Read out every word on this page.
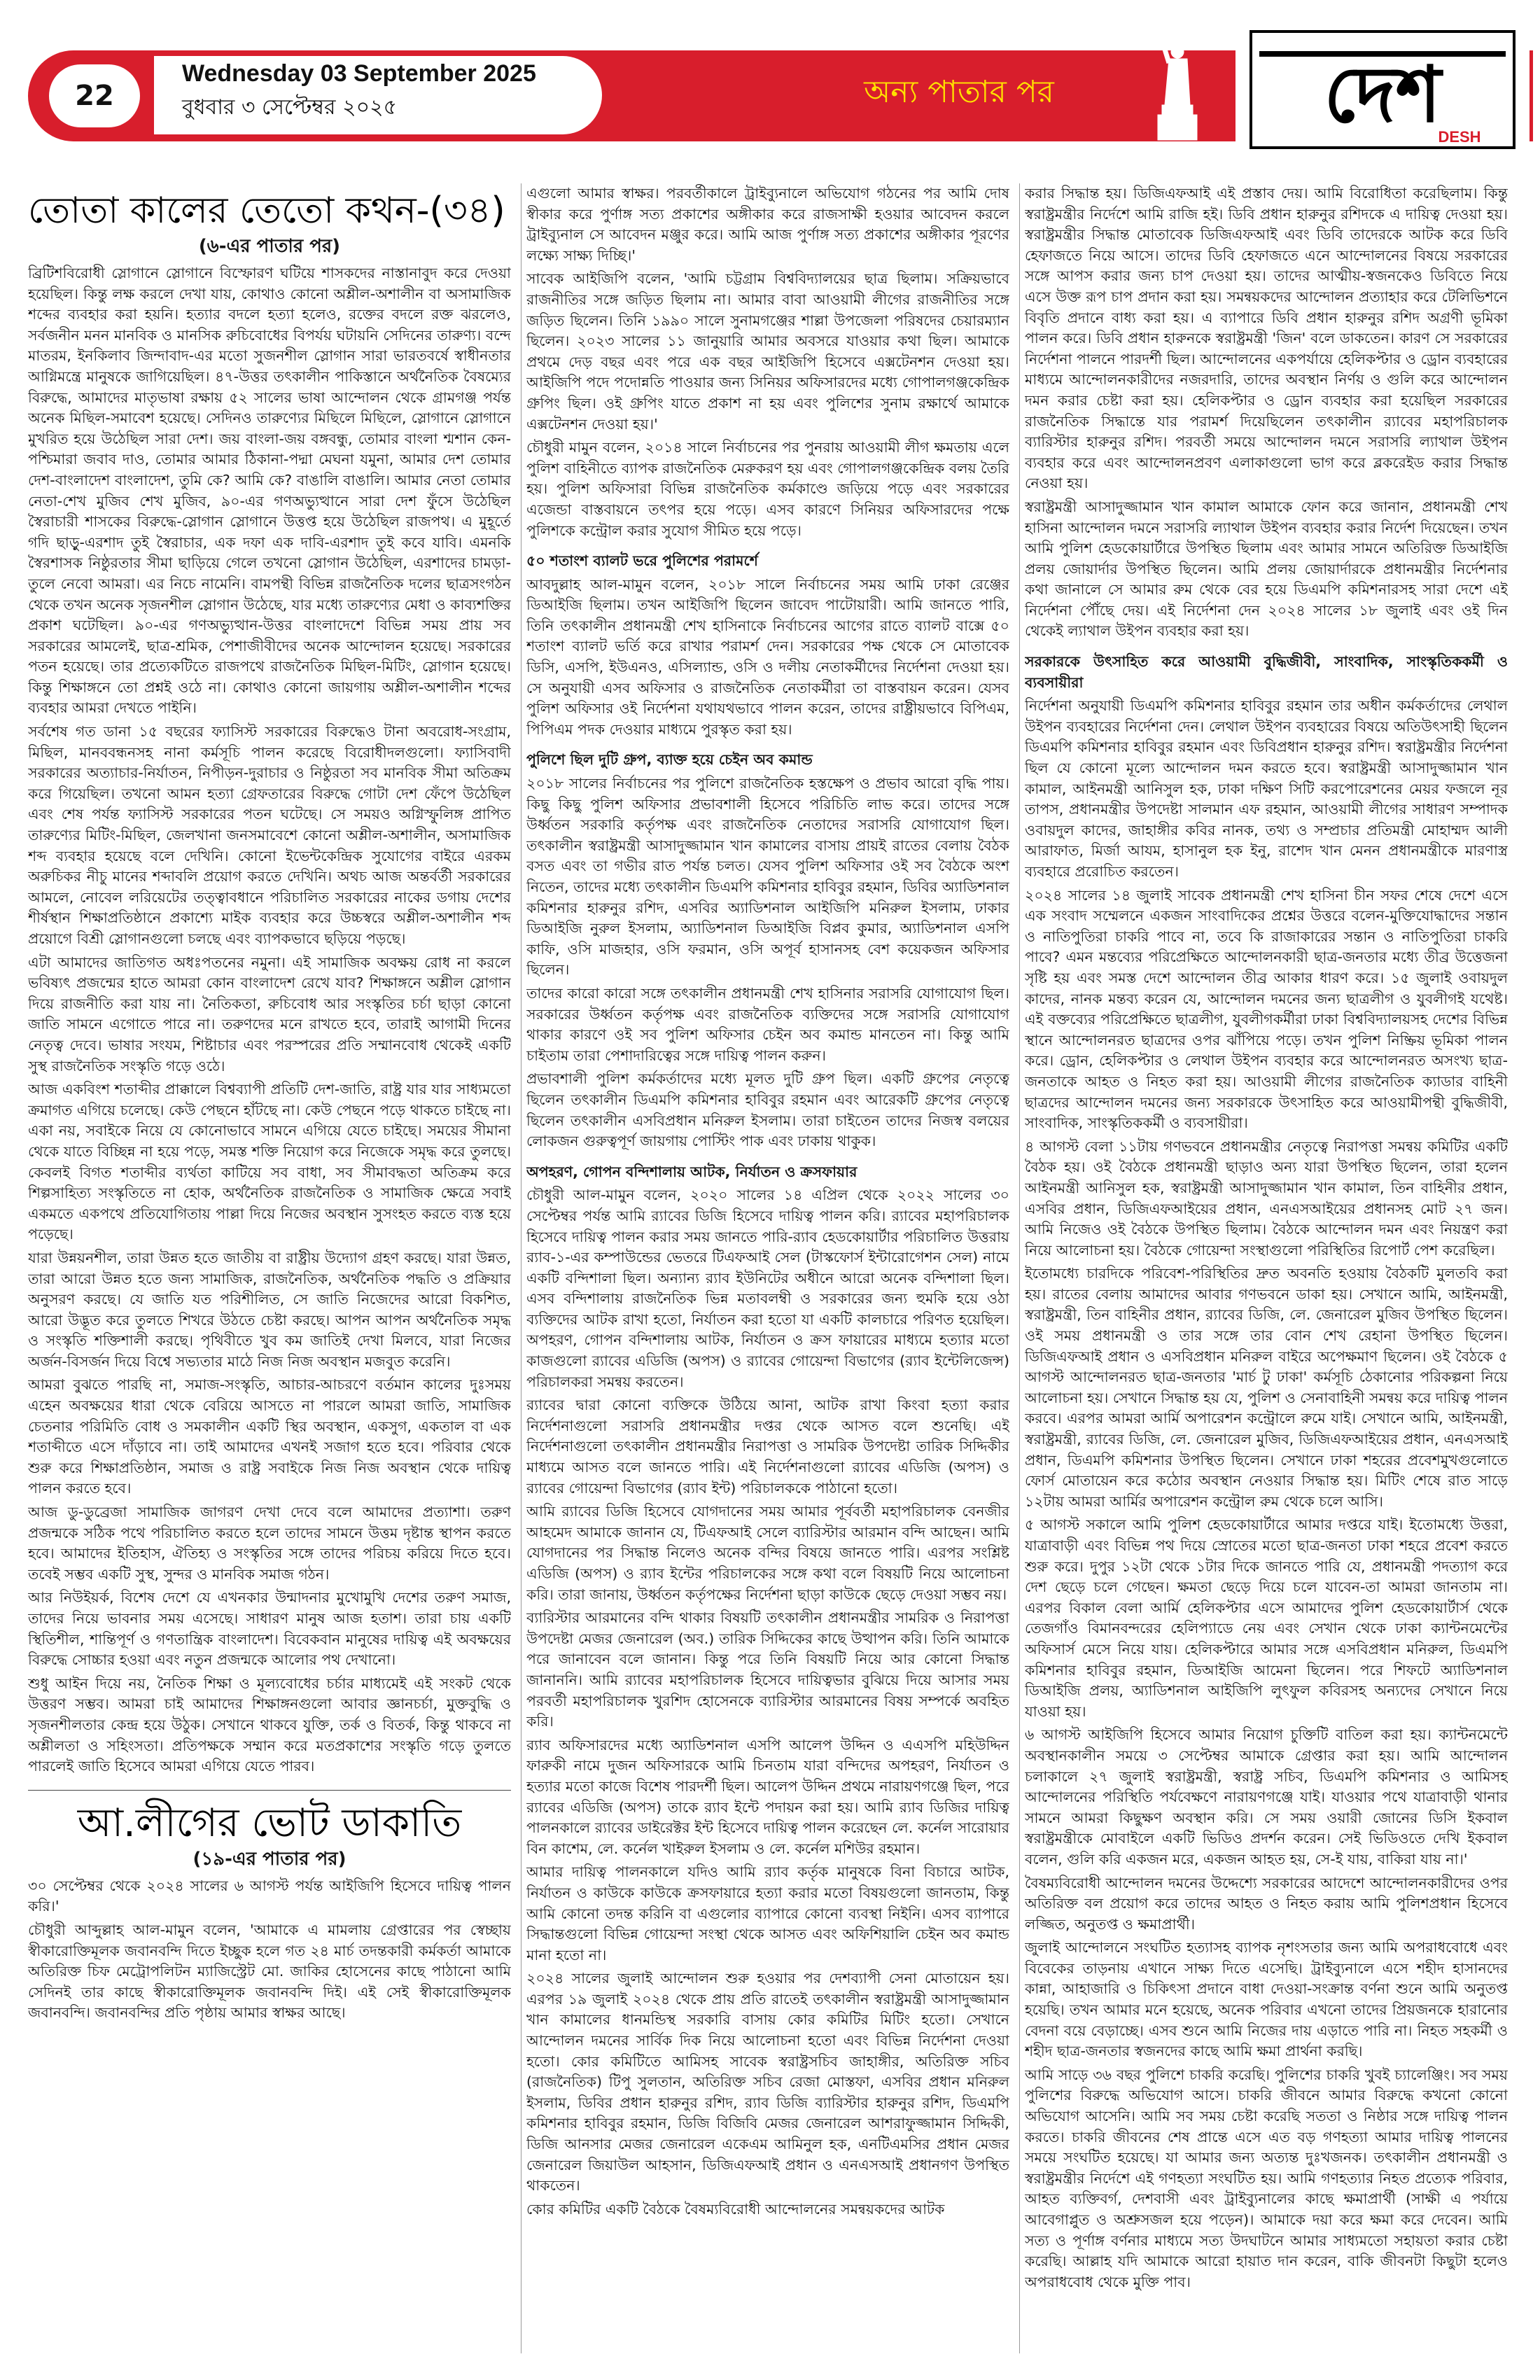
22
Wednesday 03 September 2025
বুধবার ৩ সেপ্টেম্বর ২০২৫	অন্য পাতার পর	দেশ
DESH
তোতা কালের তেতো কথন-(৩৪)
(৬-এর পাতার পর)

ব্রিটিশবিরোধী স্লোগানে স্লোগানে বিস্ফোরণ ঘটিয়ে শাসকদের নাস্তানাবুদ করে দেওয়া হয়েছিল। কিন্তু লক্ষ করলে দেখা যায়, কোথাও কোনো অশ্লীল-অশালীন বা অসামাজিক শব্দের ব্যবহার করা হয়নি। হত্যার বদলে হত্যা হলেও, রক্তের বদলে রক্ত ঝরলেও, সর্বজনীন মনন মানবিক ও মানসিক রুচিবোধের বিপর্যয় ঘটায়নি সেদিনের তারুণ্য। বন্দে মাতরম, ইনকিলাব জিন্দাবাদ-এর মতো সুজনশীল স্লোগান সারা ভারতবর্ষে স্বাধীনতার আগ্নিমন্ত্রে মানুষকে জাগিয়েছিল। ৪৭-উত্তর তৎকালীন পাকিস্তানে অর্থনৈতিক বৈষম্যের বিরুদ্ধে, আমাদের মাতৃভাষা রক্ষায় ৫২ সালের ভাষা আন্দোলন থেকে গ্রামগঞ্জ পর্যন্ত অনেক মিছিল-সমাবেশ হয়েছে। সেদিনও তারুণ্যের মিছিলে মিছিলে, স্লোগানে স্লোগানে মুখরিত হয়ে উঠেছিল সারা দেশ। জয় বাংলা-জয় বঙ্গবন্ধু, তোমার বাংলা শ্মশান কেন-পশ্চিমারা জবাব দাও, তোমার আমার ঠিকানা-পদ্মা মেঘনা যমুনা, আমার দেশ তোমার দেশ-বাংলাদেশ বাংলাদেশ, তুমি কে? আমি কে? বাঙালি বাঙালি। আমার নেতা তোমার নেতা-শেখ মুজিব শেখ মুজিব, ৯০-এর গণঅভ্যুত্থানে সারা দেশ ফুঁসে উঠেছিল স্বৈরাচারী শাসকের বিরুদ্ধে-স্লোগান স্লোগানে উত্তপ্ত হয়ে উঠেছিল রাজপথ। এ মুহূর্তে গদি ছাড়ু-এরশাদ তুই স্বৈরাচার, এক দফা এক দাবি-এরশাদ তুই কবে যাবি। এমনকি স্বৈরশাসক নিষ্ঠুরতার সীমা ছাড়িয়ে গেলে তখনো স্লোগান উঠেছিল, এরশাদের চামড়া-তুলে নেবো আমরা। এর নিচে নামেনি। বামপন্থী বিভিন্ন রাজনৈতিক দলের ছাত্রসংগঠন থেকে তখন অনেক সৃজনশীল স্লোগান উঠেছে, যার মধ্যে তারুণ্যের মেধা ও কাব্যশক্তির প্রকাশ ঘটেছিল। ৯০-এর গণঅভ্যুত্থান-উত্তর বাংলাদেশে বিভিন্ন সময় প্রায় সব সরকারের আমলেই, ছাত্র-শ্রমিক, পেশাজীবীদের অনেক আন্দোলন হয়েছে। সরকারের পতন হয়েছে। তার প্রত্যেকটিতে রাজপথে রাজনৈতিক মিছিল-মিটিং, স্লোগান হয়েছে। কিন্তু শিক্ষাঙ্গনে তো প্রশ্নই ওঠে না। কোথাও কোনো জায়গায় অশ্লীল-অশালীন শব্দের ব্যবহার আমরা দেখতে পাইনি।

সর্বশেষ গত ডানা ১৫ বছরের ফ্যাসিস্ট সরকারের বিরুদ্ধেও টানা অবরোধ-সংগ্রাম, মিছিল, মানববন্ধনসহ নানা কর্মসূচি পালন করেছে বিরোধীদলগুলো। ফ্যাসিবাদী সরকারের অত্যাচার-নির্যাতন, নিপীড়ন-দুরাচার ও নিষ্ঠুরতা সব মানবিক সীমা অতিক্রম করে গিয়েছিল। তখনো আমন হত্যা গ্রেফতারের বিরুদ্ধে গোটা দেশ ফেঁপে উঠেছিল এবং শেষ পর্যন্ত ফ্যাসিস্ট সরকারের পতন ঘটেছে। সে সময়ও অগ্নিস্ফুলিঙ্গ প্রাপিত তারুণ্যের মিটিং-মিছিল, জেলখানা জনসমাবেশে কোনো অশ্লীল-অশালীন, অসামাজিক শব্দ ব্যবহার হয়েছে বলে দেখিনি। কোনো ইভেন্টকেন্দ্রিক সুযোগের বাইরে এরকম অরুচিকর নীচু মানের শব্দাবলি প্রয়োগ করতে দেখিনি। অথচ আজ অন্তর্বর্তী সরকারের আমলে, নোবেল লরিয়েটের তত্ত্বাবধানে পরিচালিত সরকারের নাকের ডগায় দেশের শীর্ষস্থান শিক্ষাপ্রতিষ্ঠানে প্রকাশ্যে মাইক ব্যবহার করে উচ্চস্বরে অশ্লীল-অশালীন শব্দ প্রয়োগে বিশ্রী স্লোগানগুলো চলছে এবং ব্যাপকভাবে ছড়িয়ে পড়ছে।

এটা আমাদের জাতিগত অধঃপতনের নমুনা। এই সামাজিক অবক্ষয় রোধ না করলে ভবিষ্যৎ প্রজন্মের হাতে আমরা কোন বাংলাদেশ রেখে যাব? শিক্ষাঙ্গনে অশ্লীল স্লোগান দিয়ে রাজনীতি করা যায় না। নৈতিকতা, রুচিবোধ আর সংস্কৃতির চর্চা ছাড়া কোনো জাতি সামনে এগোতে পারে না। তরুণদের মনে রাখতে হবে, তারাই আগামী দিনের নেতৃত্ব দেবে। ভাষার সংযম, শিষ্টাচার এবং পরস্পরের প্রতি সম্মানবোধ থেকেই একটি সুস্থ রাজনৈতিক সংস্কৃতি গড়ে ওঠে।

আজ একবিংশ শতাব্দীর প্রাক্কালে বিশ্বব্যাপী প্রতিটি দেশ-জাতি, রাষ্ট্র যার যার সাধ্যমতো ক্রমাগত এগিয়ে চলেছে। কেউ পেছনে হাঁটছে না। কেউ পেছনে পড়ে থাকতে চাইছে না। একা নয়, সবাইকে নিয়ে যে কোনোভাবে সামনে এগিয়ে যেতে চাইছে। সময়ের সীমানা থেকে যাতে বিচ্ছিন্ন না হয়ে পড়ে, সমস্ত শক্তি নিয়োগ করে নিজেকে সমৃদ্ধ করে তুলছে। কেবলই বিগত শতাব্দীর ব্যর্থতা কাটিয়ে সব বাধা, সব সীমাবদ্ধতা অতিক্রম করে শিল্পসাহিত্য সংস্কৃতিতে না হোক, অর্থনৈতিক রাজনৈতিক ও সামাজিক ক্ষেত্রে সবাই একমতে একপথে প্রতিযোগিতায় পাল্লা দিয়ে নিজের অবস্থান সুসংহত করতে ব্যস্ত হয়ে পড়েছে।

যারা উন্নয়নশীল, তারা উন্নত হতে জাতীয় বা রাষ্ট্রীয় উদ্যোগ গ্রহণ করছে। যারা উন্নত, তারা আরো উন্নত হতে জন্য সামাজিক, রাজনৈতিক, অর্থনৈতিক পদ্ধতি ও প্রক্রিয়ার অনুসরণ করছে। যে জাতি যত পরিশীলিত, সে জাতি নিজেদের আরো বিকশিত, আরো উদ্ভূত করে তুলতে শিখরে উঠতে চেষ্টা করছে। আপন আপন অর্থনৈতিক সমৃদ্ধ ও সংস্কৃতি শক্তিশালী করছে। পৃথিবীতে খুব কম জাতিই দেখা মিলবে, যারা নিজের অর্জন-বিসর্জন দিয়ে বিশ্বে সভ্যতার মাঠে নিজ নিজ অবস্থান মজবুত করেনি।

আমরা বুঝতে পারছি না, সমাজ-সংস্কৃতি, আচার-আচরণে বর্তমান কালের দুঃসময় এহেন অবক্ষয়ের ধারা থেকে বেরিয়ে আসতে না পারলে আমরা জাতি, সামাজিক চেতনার পরিমিতি বোধ ও সমকালীন একটি স্থির অবস্থান, একসুগ, একতাল বা এক শতাব্দীতে এসে দাঁড়াবে না। তাই আমাদের এখনই সজাগ হতে হবে। পরিবার থেকে শুরু করে শিক্ষাপ্রতিষ্ঠান, সমাজ ও রাষ্ট্র সবাইকে নিজ নিজ অবস্থান থেকে দায়িত্ব পালন করতে হবে।

আজ ডু-ডুব্রেজা সামাজিক জাগরণ দেখা দেবে বলে আমাদের প্রত্যাশা। তরুণ প্রজন্মকে সঠিক পথে পরিচালিত করতে হলে তাদের সামনে উত্তম দৃষ্টান্ত স্থাপন করতে হবে। আমাদের ইতিহাস, ঐতিহ্য ও সংস্কৃতির সঙ্গে তাদের পরিচয় করিয়ে দিতে হবে। তবেই সম্ভব একটি সুস্থ, সুন্দর ও মানবিক সমাজ গঠন।

আর নিউইয়র্ক, বিশেষ দেশে যে এখনকার উন্মাদনার মুখোমুখি দেশের তরুণ সমাজ, তাদের নিয়ে ভাবনার সময় এসেছে। সাধারণ মানুষ আজ হতাশ। তারা চায় একটি স্থিতিশীল, শান্তিপূর্ণ ও গণতান্ত্রিক বাংলাদেশ। বিবেকবান মানুষের দায়িত্ব এই অবক্ষয়ের বিরুদ্ধে সোচ্চার হওয়া এবং নতুন প্রজন্মকে আলোর পথ দেখানো।

শুধু আইন দিয়ে নয়, নৈতিক শিক্ষা ও মূল্যবোধের চর্চার মাধ্যমেই এই সংকট থেকে উত্তরণ সম্ভব। আমরা চাই আমাদের শিক্ষাঙ্গনগুলো আবার জ্ঞানচর্চা, মুক্তবুদ্ধি ও সৃজনশীলতার কেন্দ্র হয়ে উঠুক। সেখানে থাকবে যুক্তি, তর্ক ও বিতর্ক, কিন্তু থাকবে না অশ্লীলতা ও সহিংসতা। প্রতিপক্ষকে সম্মান করে মতপ্রকাশের সংস্কৃতি গড়ে তুলতে পারলেই জাতি হিসেবে আমরা এগিয়ে যেতে পারব।

আ.লীগের ভোট ডাকাতি
(১৯-এর পাতার পর)

৩০ সেপ্টেম্বর থেকে ২০২৪ সালের ৬ আগস্ট পর্যন্ত আইজিপি হিসেবে দায়িত্ব পালন করি।'

চৌধুরী আব্দুল্লাহ আল-মামুন বলেন, 'আমাকে এ মামলায় গ্রেপ্তারের পর স্বেচ্ছায় স্বীকারোক্তিমূলক জবানবন্দি দিতে ইচ্ছুক হলে গত ২৪ মার্চ তদন্তকারী কর্মকর্তা আমাকে অতিরিক্ত চিফ মেট্রোপলিটন ম্যাজিস্ট্রেট মো. জাকির হোসেনের কাছে পাঠানো আমি সেদিনই তার কাছে স্বীকারোক্তিমূলক জবানবন্দি দিই। এই সেই স্বীকারোক্তিমূলক জবানবন্দি। জবানবন্দির প্রতি পৃষ্ঠায় আমার স্বাক্ষর আছে।

এগুলো আমার স্বাক্ষর। পরবর্তীকালে ট্রাইব্যুনালে অভিযোগ গঠনের পর আমি দোষ স্বীকার করে পুর্ণাঙ্গ সত্য প্রকাশের অঙ্গীকার করে রাজসাক্ষী হওয়ার আবেদন করলে ট্রাইব্যুনাল সে আবেদন মঞ্জুর করে। আমি আজ পুর্ণাঙ্গ সত্য প্রকাশের অঙ্গীকার পূরণের লক্ষ্যে সাক্ষ্য দিচ্ছি।'

সাবেক আইজিপি বলেন, 'আমি চট্টগ্রাম বিশ্ববিদ্যালয়ের ছাত্র ছিলাম। সক্রিয়ভাবে রাজনীতির সঙ্গে জড়িত ছিলাম না। আমার বাবা আওয়ামী লীগের রাজনীতির সঙ্গে জড়িত ছিলেন। তিনি ১৯৯০ সালে সুনামগঞ্জের শাল্লা উপজেলা পরিষদের চেয়ারম্যান ছিলেন। ২০২৩ সালের ১১ জানুয়ারি আমার অবসরে যাওয়ার কথা ছিল। আমাকে প্রথমে দেড় বছর এবং পরে এক বছর আইজিপি হিসেবে এক্সটেনশন দেওয়া হয়। আইজিপি পদে পদোন্নতি পাওয়ার জন্য সিনিয়র অফিসারদের মধ্যে গোপালগঞ্জকেন্দ্রিক গ্রুপিং ছিল। ওই গ্রুপিং যাতে প্রকাশ না হয় এবং পুলিশের সুনাম রক্ষার্থে আমাকে এক্সটেনশন দেওয়া হয়।'

চৌধুরী মামুন বলেন, ২০১৪ সালে নির্বাচনের পর পুনরায় আওয়ামী লীগ ক্ষমতায় এলে পুলিশ বাহিনীতে ব্যাপক রাজনৈতিক মেরুকরণ হয় এবং গোপালগঞ্জকেন্দ্রিক বলয় তৈরি হয়। পুলিশ অফিসারা বিভিন্ন রাজনৈতিক কর্মকাণ্ডে জড়িয়ে পড়ে এবং সরকারের এজেন্ডা বাস্তবায়নে তৎপর হয়ে পড়ে। এসব কারণে সিনিয়র অফিসারদের পক্ষে পুলিশকে কন্ট্রোল করার সুযোগ সীমিত হয়ে পড়ে।

৫০ শতাংশ ব্যালট ভরে পুলিশের পরামর্শে

আবদুল্লাহ আল-মামুন বলেন, ২০১৮ সালে নির্বাচনের সময় আমি ঢাকা রেঞ্জের ডিআইজি ছিলাম। তখন আইজিপি ছিলেন জাবেদ পাটোয়ারী। আমি জানতে পারি, তিনি তৎকালীন প্রধানমন্ত্রী শেখ হাসিনাকে নির্বাচনের আগের রাতে ব্যালট বাক্সে ৫০ শতাংশ ব্যালট ভর্তি করে রাখার পরামর্শ দেন। সরকারের পক্ষ থেকে সে মোতাবেক ডিসি, এসপি, ইউএনও, এসিল্যান্ড, ওসি ও দলীয় নেতাকর্মীদের নির্দেশনা দেওয়া হয়। সে অনুযায়ী এসব অফিসার ও রাজনৈতিক নেতাকর্মীরা তা বাস্তবায়ন করেন। যেসব পুলিশ অফিসার ওই নির্দেশনা যথাযথভাবে পালন করেন, তাদের রাষ্ট্রীয়ভাবে বিপিএম, পিপিএম পদক দেওয়ার মাধ্যমে পুরস্কৃত করা হয়।

পুলিশে ছিল দুটি গ্রুপ, ব্যাক্ত হয়ে চেইন অব কমান্ড

২০১৮ সালের নির্বাচনের পর পুলিশে রাজনৈতিক হস্তক্ষেপ ও প্রভাব আরো বৃদ্ধি পায়। কিছু কিছু পুলিশ অফিসার প্রভাবশালী হিসেবে পরিচিতি লাভ করে। তাদের সঙ্গে উর্ধ্বতন সরকারি কর্তৃপক্ষ এবং রাজনৈতিক নেতাদের সরাসরি যোগাযোগ ছিল। তৎকালীন স্বরাষ্ট্রমন্ত্রী আসাদুজ্জামান খান কামালের বাসায় প্রায়ই রাতের বেলায় বৈঠক বসত এবং তা গভীর রাত পর্যন্ত চলত। যেসব পুলিশ অফিসার ওই সব বৈঠকে অংশ নিতেন, তাদের মধ্যে তৎকালীন ডিএমপি কমিশনার হাবিবুর রহমান, ডিবির অ্যাডিশনাল কমিশনার হারুনুর রশিদ, এসবির অ্যাডিশনাল আইজিপি মনিরুল ইসলাম, ঢাকার ডিআইজি নুরুল ইসলাম, অ্যাডিশনাল ডিআইজি বিপ্লব কুমার, অ্যাডিশনাল এসপি কাফি, ওসি মাজহার, ওসি ফরমান, ওসি অপূর্ব হাসানসহ বেশ কয়েকজন অফিসার ছিলেন।

তাদের কারো কারো সঙ্গে তৎকালীন প্রধানমন্ত্রী শেখ হাসিনার সরাসরি যোগাযোগ ছিল। সরকারের উর্ধ্বতন কর্তৃপক্ষ এবং রাজনৈতিক ব্যক্তিদের সঙ্গে সরাসরি যোগাযোগ থাকার কারণে ওই সব পুলিশ অফিসার চেইন অব কমান্ড মানতেন না। কিন্তু আমি চাইতাম তারা পেশাদারিত্বের সঙ্গে দায়িত্ব পালন করুন।

প্রভাবশালী পুলিশ কর্মকর্তাদের মধ্যে মূলত দুটি গ্রুপ ছিল। একটি গ্রুপের নেতৃত্বে ছিলেন তৎকালীন ডিএমপি কমিশনার হাবিবুর রহমান এবং আরেকটি গ্রুপের নেতৃত্বে ছিলেন তৎকালীন এসবিপ্রধান মনিরুল ইসলাম। তারা চাইতেন তাদের নিজস্ব বলয়ের লোকজন গুরুত্বপূর্ণ জায়গায় পোস্টিং পাক এবং ঢাকায় থাকুক।

অপহরণ, গোপন বন্দিশালায় আটক, নির্যাতন ও ক্রসফায়ার

চৌধুরী আল-মামুন বলেন, ২০২০ সালের ১৪ এপ্রিল থেকে ২০২২ সালের ৩০ সেপ্টেম্বর পর্যন্ত আমি র‍্যাবের ডিজি হিসেবে দায়িত্ব পালন করি। র‍্যাবের মহাপরিচালক হিসেবে দায়িত্ব পালন করার সময় জানতে পারি-র‍্যাব হেডকোয়ার্টার পরিচালিত উত্তরায় র‍্যাব-১-এর কম্পাউন্ডের ভেতরে টিএফআই সেল (টাস্কফোর্স ইন্টারোগেশন সেল) নামে একটি বন্দিশালা ছিল। অন্যান্য র‍্যাব ইউনিটের অধীনে আরো অনেক বন্দিশালা ছিল। এসব বন্দিশালায় রাজনৈতিক ভিন্ন মতাবলম্বী ও সরকারের জন্য হুমকি হয়ে ওঠা ব্যক্তিদের আটক রাখা হতো, নির্যাতন করা হতো যা একটি কালচারে পরিণত হয়েছিল। অপহরণ, গোপন বন্দিশালায় আটক, নির্যাতন ও ক্রস ফায়ারের মাধ্যমে হত্যার মতো কাজগুলো র‍্যাবের এডিজি (অপস) ও র‍্যাবের গোয়েন্দা বিভাগের (র‍্যাব ইন্টেলিজেন্স) পরিচালকরা সমন্বয় করতেন।

র‍্যাবের দ্বারা কোনো ব্যক্তিকে উঠিয়ে আনা, আটক রাখা কিংবা হত্যা করার নির্দেশনাগুলো সরাসরি প্রধানমন্ত্রীর দপ্তর থেকে আসত বলে শুনেছি। এই নির্দেশনাগুলো তৎকালীন প্রধানমন্ত্রীর নিরাপত্তা ও সামরিক উপদেষ্টা তারিক সিদ্দিকীর মাধ্যমে আসত বলে জানতে পারি। এই নির্দেশনাগুলো র‍্যাবের এডিজি (অপস) ও র‍্যাবের গোয়েন্দা বিভাগের (র‍্যাব ইন্ট) পরিচালককে পাঠানো হতো।

আমি র‍্যাবের ডিজি হিসেবে যোগদানের সময় আমার পূর্ববর্তী মহাপরিচালক বেনজীর আহমেদ আমাকে জানান যে, টিএফআই সেলে ব্যারিস্টার আরমান বন্দি আছেন। আমি যোগদানের পর সিদ্ধান্ত নিলেও অনেক বন্দির বিষয়ে জানতে পারি। এরপর সংশ্লিষ্ট এডিজি (অপস) ও র‍্যাব ইন্টের পরিচালকের সঙ্গে কথা বলে বিষয়টি নিয়ে আলোচনা করি। তারা জানায়, উর্ধ্বতন কর্তৃপক্ষের নির্দেশনা ছাড়া কাউকে ছেড়ে দেওয়া সম্ভব নয়।

ব্যারিস্টার আরমানের বন্দি থাকার বিষয়টি তৎকালীন প্রধানমন্ত্রীর সামরিক ও নিরাপত্তা উপদেষ্টা মেজর জেনারেল (অব.) তারিক সিদ্দিকের কাছে উত্থাপন করি। তিনি আমাকে পরে জানাবেন বলে জানান। কিন্তু পরে তিনি বিষয়টি নিয়ে আর কোনো সিদ্ধান্ত জানাননি। আমি র‍্যাবের মহাপরিচালক হিসেবে দায়িত্বভার বুঝিয়ে দিয়ে আসার সময় পরবর্তী মহাপরিচালক খুরশিদ হোসেনকে ব্যারিস্টার আরমানের বিষয় সম্পর্কে অবহিত করি।

র‍্যাব অফিসারদের মধ্যে অ্যাডিশনাল এসপি আলেপ উদ্দিন ও এএসপি মহিউদ্দিন ফারুকী নামে দুজন অফিসারকে আমি চিনতাম যারা বন্দিদের অপহরণ, নির্যাতন ও হত্যার মতো কাজে বিশেষ পারদর্শী ছিল। আলেপ উদ্দিন প্রথমে নারায়ণগঞ্জে ছিল, পরে র‍্যাবের এডিজি (অপস) তাকে র‍্যাব ইন্টে পদায়ন করা হয়। আমি র‍্যাব ডিজির দায়িত্ব পালনকালে র‍্যাবের ডাইরেক্টর ইন্ট হিসেবে দায়িত্ব পালন করেছেন লে. কর্নেল সারোয়ার বিন কাশেম, লে. কর্নেল খাইরুল ইসলাম ও লে. কর্নেল মশিউর রহমান।

আমার দায়িত্ব পালনকালে যদিও আমি র‍্যাব কর্তৃক মানুষকে বিনা বিচারে আটক, নির্যাতন ও কাউকে কাউকে ক্রসফায়ারে হত্যা করার মতো বিষয়গুলো জানতাম, কিন্তু আমি কোনো তদন্ত করিনি বা এগুলোর ব্যাপারে কোনো ব্যবস্থা নিইনি। এসব ব্যাপারে সিদ্ধান্তগুলো বিভিন্ন গোয়েন্দা সংস্থা থেকে আসত এবং অফিশিয়ালি চেইন অব কমান্ড মানা হতো না।

২০২৪ সালের জুলাই আন্দোলন শুরু হওয়ার পর দেশব্যাপী সেনা মোতায়েন হয়। এরপর ১৯ জুলাই ২০২৪ থেকে প্রায় প্রতি রাতেই তৎকালীন স্বরাষ্ট্রমন্ত্রী আসাদুজ্জামান খান কামালের ধানমন্ডিস্থ সরকারি বাসায় কোর কমিটির মিটিং হতো। সেখানে আন্দোলন দমনের সার্বিক দিক নিয়ে আলোচনা হতো এবং বিভিন্ন নির্দেশনা দেওয়া হতো। কোর কমিটিতে আমিসহ সাবেক স্বরাষ্ট্রসচিব জাহাঙ্গীর, অতিরিক্ত সচিব (রাজনৈতিক) টিপু সুলতান, অতিরিক্ত সচিব রেজা মোস্তফা, এসবির প্রধান মনিরুল ইসলাম, ডিবির প্রধান হারুনুর রশিদ, র‍্যাব ডিজি ব্যারিস্টার হারুনুর রশিদ, ডিএমপি কমিশনার হাবিবুর রহমান, ডিজি বিজিবি মেজর জেনারেল আশরাফুজ্জামান সিদ্দিকী, ডিজি আনসার মেজর জেনারেল একেএম আমিনুল হক, এনটিএমসির প্রধান মেজর জেনারেল জিয়াউল আহসান, ডিজিএফআই প্রধান ও এনএসআই প্রধানগণ উপস্থিত থাকতেন।

কোর কমিটির একটি বৈঠকে বৈষম্যবিরোধী আন্দোলনের সমন্বয়কদের আটক

করার সিদ্ধান্ত হয়। ডিজিএফআই এই প্রস্তাব দেয়। আমি বিরোধিতা করেছিলাম। কিন্তু স্বরাষ্ট্রমন্ত্রীর নির্দেশে আমি রাজি হই। ডিবি প্রধান হারুনুর রশিদকে এ দায়িত্ব দেওয়া হয়। স্বরাষ্ট্রমন্ত্রীর সিদ্ধান্ত মোতাবেক ডিজিএফআই এবং ডিবি তাদেরকে আটক করে ডিবি হেফাজতে নিয়ে আসে। তাদের ডিবি হেফাজতে এনে আন্দোলনের বিষয়ে সরকারের সঙ্গে আপস করার জন্য চাপ দেওয়া হয়। তাদের আত্মীয়-স্বজনকেও ডিবিতে নিয়ে এসে উক্ত রূপ চাপ প্রদান করা হয়। সমন্বয়কদের আন্দোলন প্রত্যাহার করে টেলিভিশনে বিবৃতি প্রদানে বাধ্য করা হয়। এ ব্যাপারে ডিবি প্রধান হারুনুর রশিদ অগ্রণী ভূমিকা পালন করে। ডিবি প্রধান হারুনকে স্বরাষ্ট্রমন্ত্রী 'জিন' বলে ডাকতেন। কারণ সে সরকারের নির্দেশনা পালনে পারদর্শী ছিল। আন্দোলনের একপর্যায়ে হেলিকপ্টার ও ড্রোন ব্যবহারের মাধ্যমে আন্দোলনকারীদের নজরদারি, তাদের অবস্থান নির্ণয় ও গুলি করে আন্দোলন দমন করার চেষ্টা করা হয়। হেলিকপ্টার ও ড্রোন ব্যবহার করা হয়েছিল সরকারের রাজনৈতিক সিদ্ধান্তে যার পরামর্শ দিয়েছিলেন তৎকালীন র‍্যাবের মহাপরিচালক ব্যারিস্টার হারুনুর রশিদ। পরবর্তী সময়ে আন্দোলন দমনে সরাসরি ল্যাথাল উইপন ব্যবহার করে এবং আন্দোলনপ্রবণ এলাকাগুলো ভাগ করে ব্লকরেইড করার সিদ্ধান্ত নেওয়া হয়।

স্বরাষ্ট্রমন্ত্রী আসাদুজ্জামান খান কামাল আমাকে ফোন করে জানান, প্রধানমন্ত্রী শেখ হাসিনা আন্দোলন দমনে সরাসরি ল্যাথাল উইপন ব্যবহার করার নির্দেশ দিয়েছেন। তখন আমি পুলিশ হেডকোয়ার্টারে উপস্থিত ছিলাম এবং আমার সামনে অতিরিক্ত ডিআইজি প্রলয় জোয়ার্দার উপস্থিত ছিলেন। আমি প্রলয় জোয়ার্দারকে প্রধানমন্ত্রীর নির্দেশনার কথা জানালে সে আমার রুম থেকে বের হয়ে ডিএমপি কমিশনারসহ সারা দেশে এই নির্দেশনা পৌঁছে দেয়। এই নির্দেশনা দেন ২০২৪ সালের ১৮ জুলাই এবং ওই দিন থেকেই ল্যাথাল উইপন ব্যবহার করা হয়।

সরকারকে উৎসাহিত করে আওয়ামী বুদ্ধিজীবী, সাংবাদিক, সাংস্কৃতিককর্মী ও ব্যবসায়ীরা

নির্দেশনা অনুযায়ী ডিএমপি কমিশনার হাবিবুর রহমান তার অধীন কর্মকর্তাদের লেথাল উইপন ব্যবহারের নির্দেশনা দেন। লেথাল উইপন ব্যবহারের বিষয়ে অতিউৎসাহী ছিলেন ডিএমপি কমিশনার হাবিবুর রহমান এবং ডিবিপ্রধান হারুনুর রশিদ। স্বরাষ্ট্রমন্ত্রীর নির্দেশনা ছিল যে কোনো মূল্যে আন্দোলন দমন করতে হবে। স্বরাষ্ট্রমন্ত্রী আসাদুজ্জামান খান কামাল, আইনমন্ত্রী আনিসুল হক, ঢাকা দক্ষিণ সিটি করপোরেশনের মেয়র ফজলে নূর তাপস, প্রধানমন্ত্রীর উপদেষ্টা সালমান এফ রহমান, আওয়ামী লীগের সাধারণ সম্পাদক ওবায়দুল কাদের, জাহাঙ্গীর কবির নানক, তথ্য ও সম্প্রচার প্রতিমন্ত্রী মোহাম্মদ আলী আরাফাত, মির্জা আযম, হাসানুল হক ইনু, রাশেদ খান মেনন প্রধানমন্ত্রীকে মারণাস্ত্র ব্যবহারে প্ররোচিত করতেন।

২০২৪ সালের ১৪ জুলাই সাবেক প্রধানমন্ত্রী শেখ হাসিনা চীন সফর শেষে দেশে এসে এক সংবাদ সম্মেলনে একজন সাংবাদিকের প্রশ্নের উত্তরে বলেন-মুক্তিযোদ্ধাদের সন্তান ও নাতিপুতিরা চাকরি পাবে না, তবে কি রাজাকারের সন্তান ও নাতিপুতিরা চাকরি পাবে? এমন মন্তব্যের পরিপ্রেক্ষিতে আন্দোলনকারী ছাত্র-জনতার মধ্যে তীব্র উত্তেজনা সৃষ্টি হয় এবং সমস্ত দেশে আন্দোলন তীব্র আকার ধারণ করে। ১৫ জুলাই ওবায়দুল কাদের, নানক মন্তব্য করেন যে, আন্দোলন দমনের জন্য ছাত্রলীগ ও যুবলীগই যথেষ্ট। এই বক্তব্যের পরিপ্রেক্ষিতে ছাত্রলীগ, যুবলীগকর্মীরা ঢাকা বিশ্ববিদ্যালয়সহ দেশের বিভিন্ন স্থানে আন্দোলনরত ছাত্রদের ওপর ঝাঁপিয়ে পড়ে। তখন পুলিশ নিষ্ক্রিয় ভূমিকা পালন করে। ড্রোন, হেলিকপ্টার ও লেথাল উইপন ব্যবহার করে আন্দোলনরত অসংখ্য ছাত্র-জনতাকে আহত ও নিহত করা হয়। আওয়ামী লীগের রাজনৈতিক ক্যাডার বাহিনী ছাত্রদের আন্দোলন দমনের জন্য সরকারকে উৎসাহিত করে আওয়ামীপন্থী বুদ্ধিজীবী, সাংবাদিক, সাংস্কৃতিককর্মী ও ব্যবসায়ীরা।

৪ আগস্ট বেলা ১১টায় গণভবনে প্রধানমন্ত্রীর নেতৃত্বে নিরাপত্তা সমন্বয় কমিটির একটি বৈঠক হয়। ওই বৈঠকে প্রধানমন্ত্রী ছাড়াও অন্য যারা উপস্থিত ছিলেন, তারা হলেন আইনমন্ত্রী আনিসুল হক, স্বরাষ্ট্রমন্ত্রী আসাদুজ্জামান খান কামাল, তিন বাহিনীর প্রধান, এসবির প্রধান, ডিজিএফআইয়ের প্রধান, এনএসআইয়ের প্রধানসহ মোট ২৭ জন। আমি নিজেও ওই বৈঠকে উপস্থিত ছিলাম। বৈঠকে আন্দোলন দমন এবং নিয়ন্ত্রণ করা নিয়ে আলোচনা হয়। বৈঠকে গোয়েন্দা সংস্থাগুলো পরিস্থিতির রিপোর্ট পেশ করেছিল।

ইতোমধ্যে চারদিকে পরিবেশ-পরিস্থিতির দ্রুত অবনতি হওয়ায় বৈঠকটি মুলতবি করা হয়। রাতের বেলায় আমাদের আবার গণভবনে ডাকা হয়। সেখানে আমি, আইনমন্ত্রী, স্বরাষ্ট্রমন্ত্রী, তিন বাহিনীর প্রধান, র‍্যাবের ডিজি, লে. জেনারেল মুজিব উপস্থিত ছিলেন। ওই সময় প্রধানমন্ত্রী ও তার সঙ্গে তার বোন শেখ রেহানা উপস্থিত ছিলেন। ডিজিএফআই প্রধান ও এসবিপ্রধান মনিরুল বাইরে অপেক্ষমাণ ছিলেন। ওই বৈঠকে ৫ আগস্ট আন্দোলনরত ছাত্র-জনতার 'মার্চ টু ঢাকা' কর্মসূচি ঠেকানোর পরিকল্পনা নিয়ে আলোচনা হয়। সেখানে সিদ্ধান্ত হয় যে, পুলিশ ও সেনাবাহিনী সমন্বয় করে দায়িত্ব পালন করবে। এরপর আমরা আর্মি অপারেশন কন্ট্রোলে রুমে যাই। সেখানে আমি, আইনমন্ত্রী, স্বরাষ্ট্রমন্ত্রী, র‍্যাবের ডিজি, লে. জেনারেল মুজিব, ডিজিএফআইয়ের প্রধান, এনএসআই প্রধান, ডিএমপি কমিশনার উপস্থিত ছিলেন। সেখানে ঢাকা শহরের প্রবেশমুখগুলোতে ফোর্স মোতায়েন করে কঠোর অবস্থান নেওয়ার সিদ্ধান্ত হয়। মিটিং শেষে রাত সাড়ে ১২টায় আমরা আর্মির অপারেশন কন্ট্রোল রুম থেকে চলে আসি।

৫ আগস্ট সকালে আমি পুলিশ হেডকোয়ার্টারে আমার দপ্তরে যাই। ইতোমধ্যে উত্তরা, যাত্রাবাড়ী এবং বিভিন্ন পথ দিয়ে স্রোতের মতো ছাত্র-জনতা ঢাকা শহরে প্রবেশ করতে শুরু করে। দুপুর ১২টা থেকে ১টার দিকে জানতে পারি যে, প্রধানমন্ত্রী পদত্যাগ করে দেশ ছেড়ে চলে গেছেন। ক্ষমতা ছেড়ে দিয়ে চলে যাবেন-তা আমরা জানতাম না। এরপর বিকাল বেলা আর্মি হেলিকপ্টার এসে আমাদের পুলিশ হেডকোয়ার্টার্স থেকে তেজগাঁও বিমানবন্দরের হেলিপ্যাডে নেয় এবং সেখান থেকে ঢাকা ক্যান্টনমেন্টের অফিসার্স মেসে নিয়ে যায়। হেলিকপ্টারে আমার সঙ্গে এসবিপ্রধান মনিরুল, ডিএমপি কমিশনার হাবিবুর রহমান, ডিআইজি আমেনা ছিলেন। পরে শিফটে অ্যাডিশনাল ডিআইজি প্রলয়, অ্যাডিশনাল আইজিপি লুৎফুল কবিরসহ অন্যদের সেখানে নিয়ে যাওয়া হয়।

৬ আগস্ট আইজিপি হিসেবে আমার নিয়োগ চুক্তিটি বাতিল করা হয়। ক্যান্টনমেন্টে অবস্থানকালীন সময়ে ৩ সেপ্টেম্বর আমাকে গ্রেপ্তার করা হয়। আমি আন্দোলন চলাকালে ২৭ জুলাই স্বরাষ্ট্রমন্ত্রী, স্বরাষ্ট্র সচিব, ডিএমপি কমিশনার ও আমিসহ আন্দোলনের পরিস্থিতি পর্যবেক্ষণে নারায়ণগঞ্জে যাই। যাওয়ার পথে যাত্রাবাড়ী থানার সামনে আমরা কিছুক্ষণ অবস্থান করি। সে সময় ওয়ারী জোনের ডিসি ইকবাল স্বরাষ্ট্রমন্ত্রীকে মোবাইলে একটি ভিডিও প্রদর্শন করেন। সেই ভিডিওতে দেখি ইকবাল বলেন, গুলি করি একজন মরে, একজন আহত হয়, সে-ই যায়, বাকিরা যায় না।'

বৈষম্যবিরোধী আন্দোলন দমনের উদ্দেশ্যে সরকারের আদেশে আন্দোলনকারীদের ওপর অতিরিক্ত বল প্রয়োগ করে তাদের আহত ও নিহত করায় আমি পুলিশপ্রধান হিসেবে লজ্জিত, অনুতপ্ত ও ক্ষমাপ্রার্থী।

জুলাই আন্দোলনে সংঘটিত হত্যাসহ ব্যাপক নৃশংসতার জন্য আমি অপরাধবোধে এবং বিবেকের তাড়নায় এখানে সাক্ষ্য দিতে এসেছি। ট্রাইব্যুনালে এসে শহীদ হাসানদের কান্না, আহাজারি ও চিকিৎসা প্রদানে বাধা দেওয়া-সংক্রান্ত বর্ণনা শুনে আমি অনুতপ্ত হয়েছি। তখন আমার মনে হয়েছে, অনেক পরিবার এখনো তাদের প্রিয়জনকে হারানোর বেদনা বয়ে বেড়াচ্ছে। এসব শুনে আমি নিজের দায় এড়াতে পারি না। নিহত সহকর্মী ও শহীদ ছাত্র-জনতার স্বজনদের কাছে আমি ক্ষমা প্রার্থনা করছি।

আমি সাড়ে ৩৬ বছর পুলিশে চাকরি করেছি। পুলিশের চাকরি খুবই চ্যালেঞ্জিং। সব সময় পুলিশের বিরুদ্ধে অভিযোগ আসে। চাকরি জীবনে আমার বিরুদ্ধে কখনো কোনো অভিযোগ আসেনি। আমি সব সময় চেষ্টা করেছি সততা ও নিষ্ঠার সঙ্গে দায়িত্ব পালন করতে। চাকরি জীবনের শেষ প্রান্তে এসে এত বড় গণহত্যা আমার দায়িত্ব পালনের সময়ে সংঘটিত হয়েছে। যা আমার জন্য অত্যন্ত দুঃখজনক। তৎকালীন প্রধানমন্ত্রী ও স্বরাষ্ট্রমন্ত্রীর নির্দেশে এই গণহত্যা সংঘটিত হয়। আমি গণহত্যার নিহত প্রত্যেক পরিবার, আহত ব্যক্তিবর্গ, দেশবাসী এবং ট্রাইব্যুনালের কাছে ক্ষমাপ্রার্থী (সাক্ষী এ পর্যায়ে আবেগাপ্লুত ও অশ্রুসজল হয়ে পড়েন)। আমাকে দয়া করে ক্ষমা করে দেবেন। আমি সত্য ও পূর্ণাঙ্গ বর্ণনার মাধ্যমে সত্য উদঘাটনে আমার সাধ্যমতো সহায়তা করার চেষ্টা করেছি। আল্লাহ যদি আমাকে আরো হায়াত দান করেন, বাকি জীবনটা কিছুটা হলেও অপরাধবোধ থেকে মুক্তি পাব।
